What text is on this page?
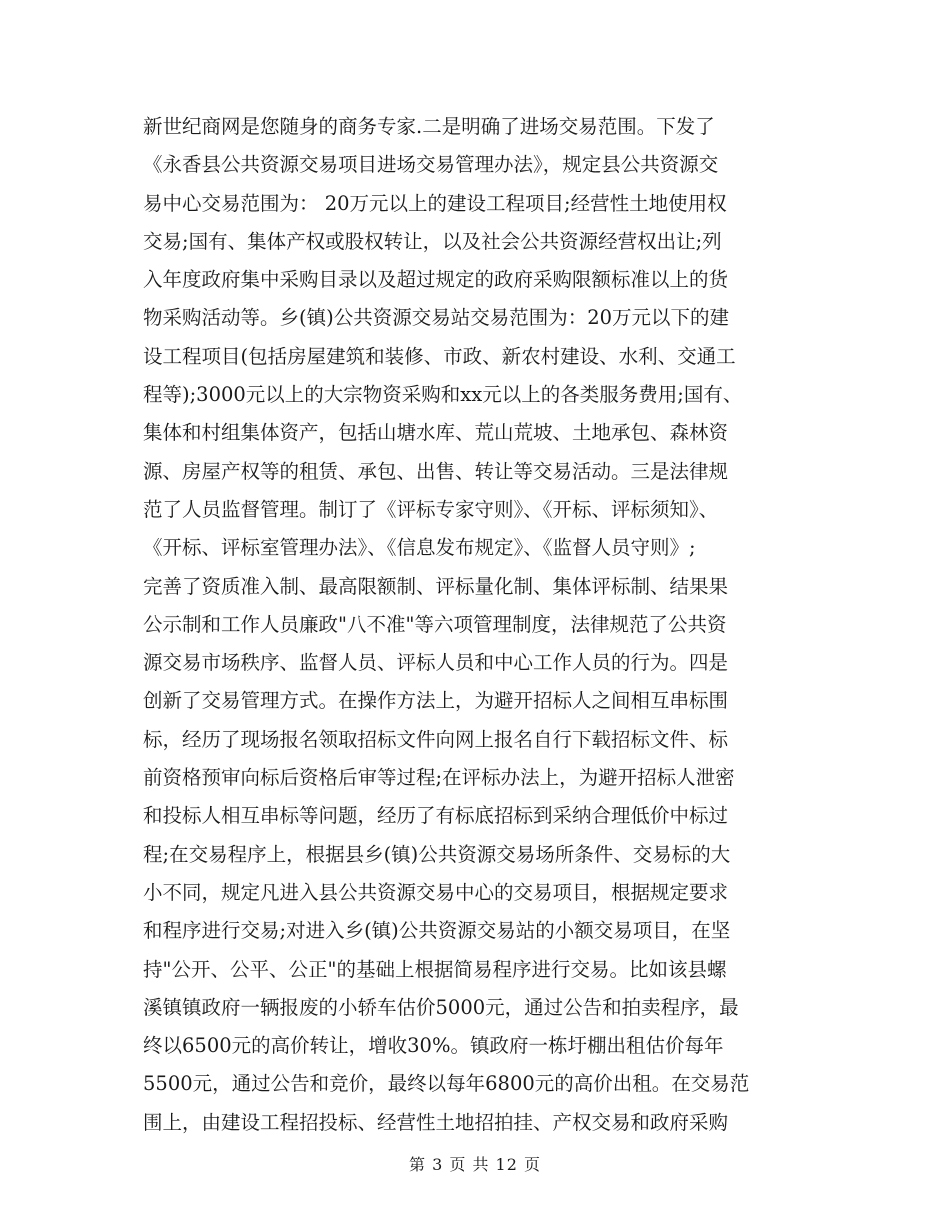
新世纪商网是您随身的商务专家.二是明确了进场交易范围。下发了
《永香县公共资源交易项目进场交易管理办法》，规定县公共资源交
易中心交易范围为： 20万元以上的建设工程项目;经营性土地使用权
交易;国有、集体产权或股权转让，以及社会公共资源经营权出让;列
入年度政府集中采购目录以及超过规定的政府采购限额标准以上的货
物采购活动等。乡(镇)公共资源交易站交易范围为：20万元以下的建
设工程项目(包括房屋建筑和装修、市政、新农村建设、水利、交通工
程等);3000元以上的大宗物资采购和xx元以上的各类服务费用;国有、
集体和村组集体资产，包括山塘水库、荒山荒坡、土地承包、森林资
源、房屋产权等的租赁、承包、出售、转让等交易活动。三是法律规
范了人员监督管理。制订了《评标专家守则》、《开标、评标须知》、
《开标、评标室管理办法》、《信息发布规定》、《监督人员守则》;
完善了资质准入制、最高限额制、评标量化制、集体评标制、结果果
公示制和工作人员廉政"八不准"等六项管理制度，法律规范了公共资
源交易市场秩序、监督人员、评标人员和中心工作人员的行为。四是
创新了交易管理方式。在操作方法上，为避开招标人之间相互串标围
标，经历了现场报名领取招标文件向网上报名自行下载招标文件、标
前资格预审向标后资格后审等过程;在评标办法上，为避开招标人泄密
和投标人相互串标等问题，经历了有标底招标到采纳合理低价中标过
程;在交易程序上，根据县乡(镇)公共资源交易场所条件、交易标的大
小不同，规定凡进入县公共资源交易中心的交易项目，根据规定要求
和程序进行交易;对进入乡(镇)公共资源交易站的小额交易项目，在坚
持"公开、公平、公正"的基础上根据简易程序进行交易。比如该县螺
溪镇镇政府一辆报废的小轿车估价5000元，通过公告和拍卖程序，最
终以6500元的高价转让，增收30%。镇政府一栋圩棚出租估价每年
5500元，通过公告和竞价，最终以每年6800元的高价出租。在交易范
围上，由建设工程招投标、经营性土地招拍挂、产权交易和政府采购
第 3 页 共 12 页
